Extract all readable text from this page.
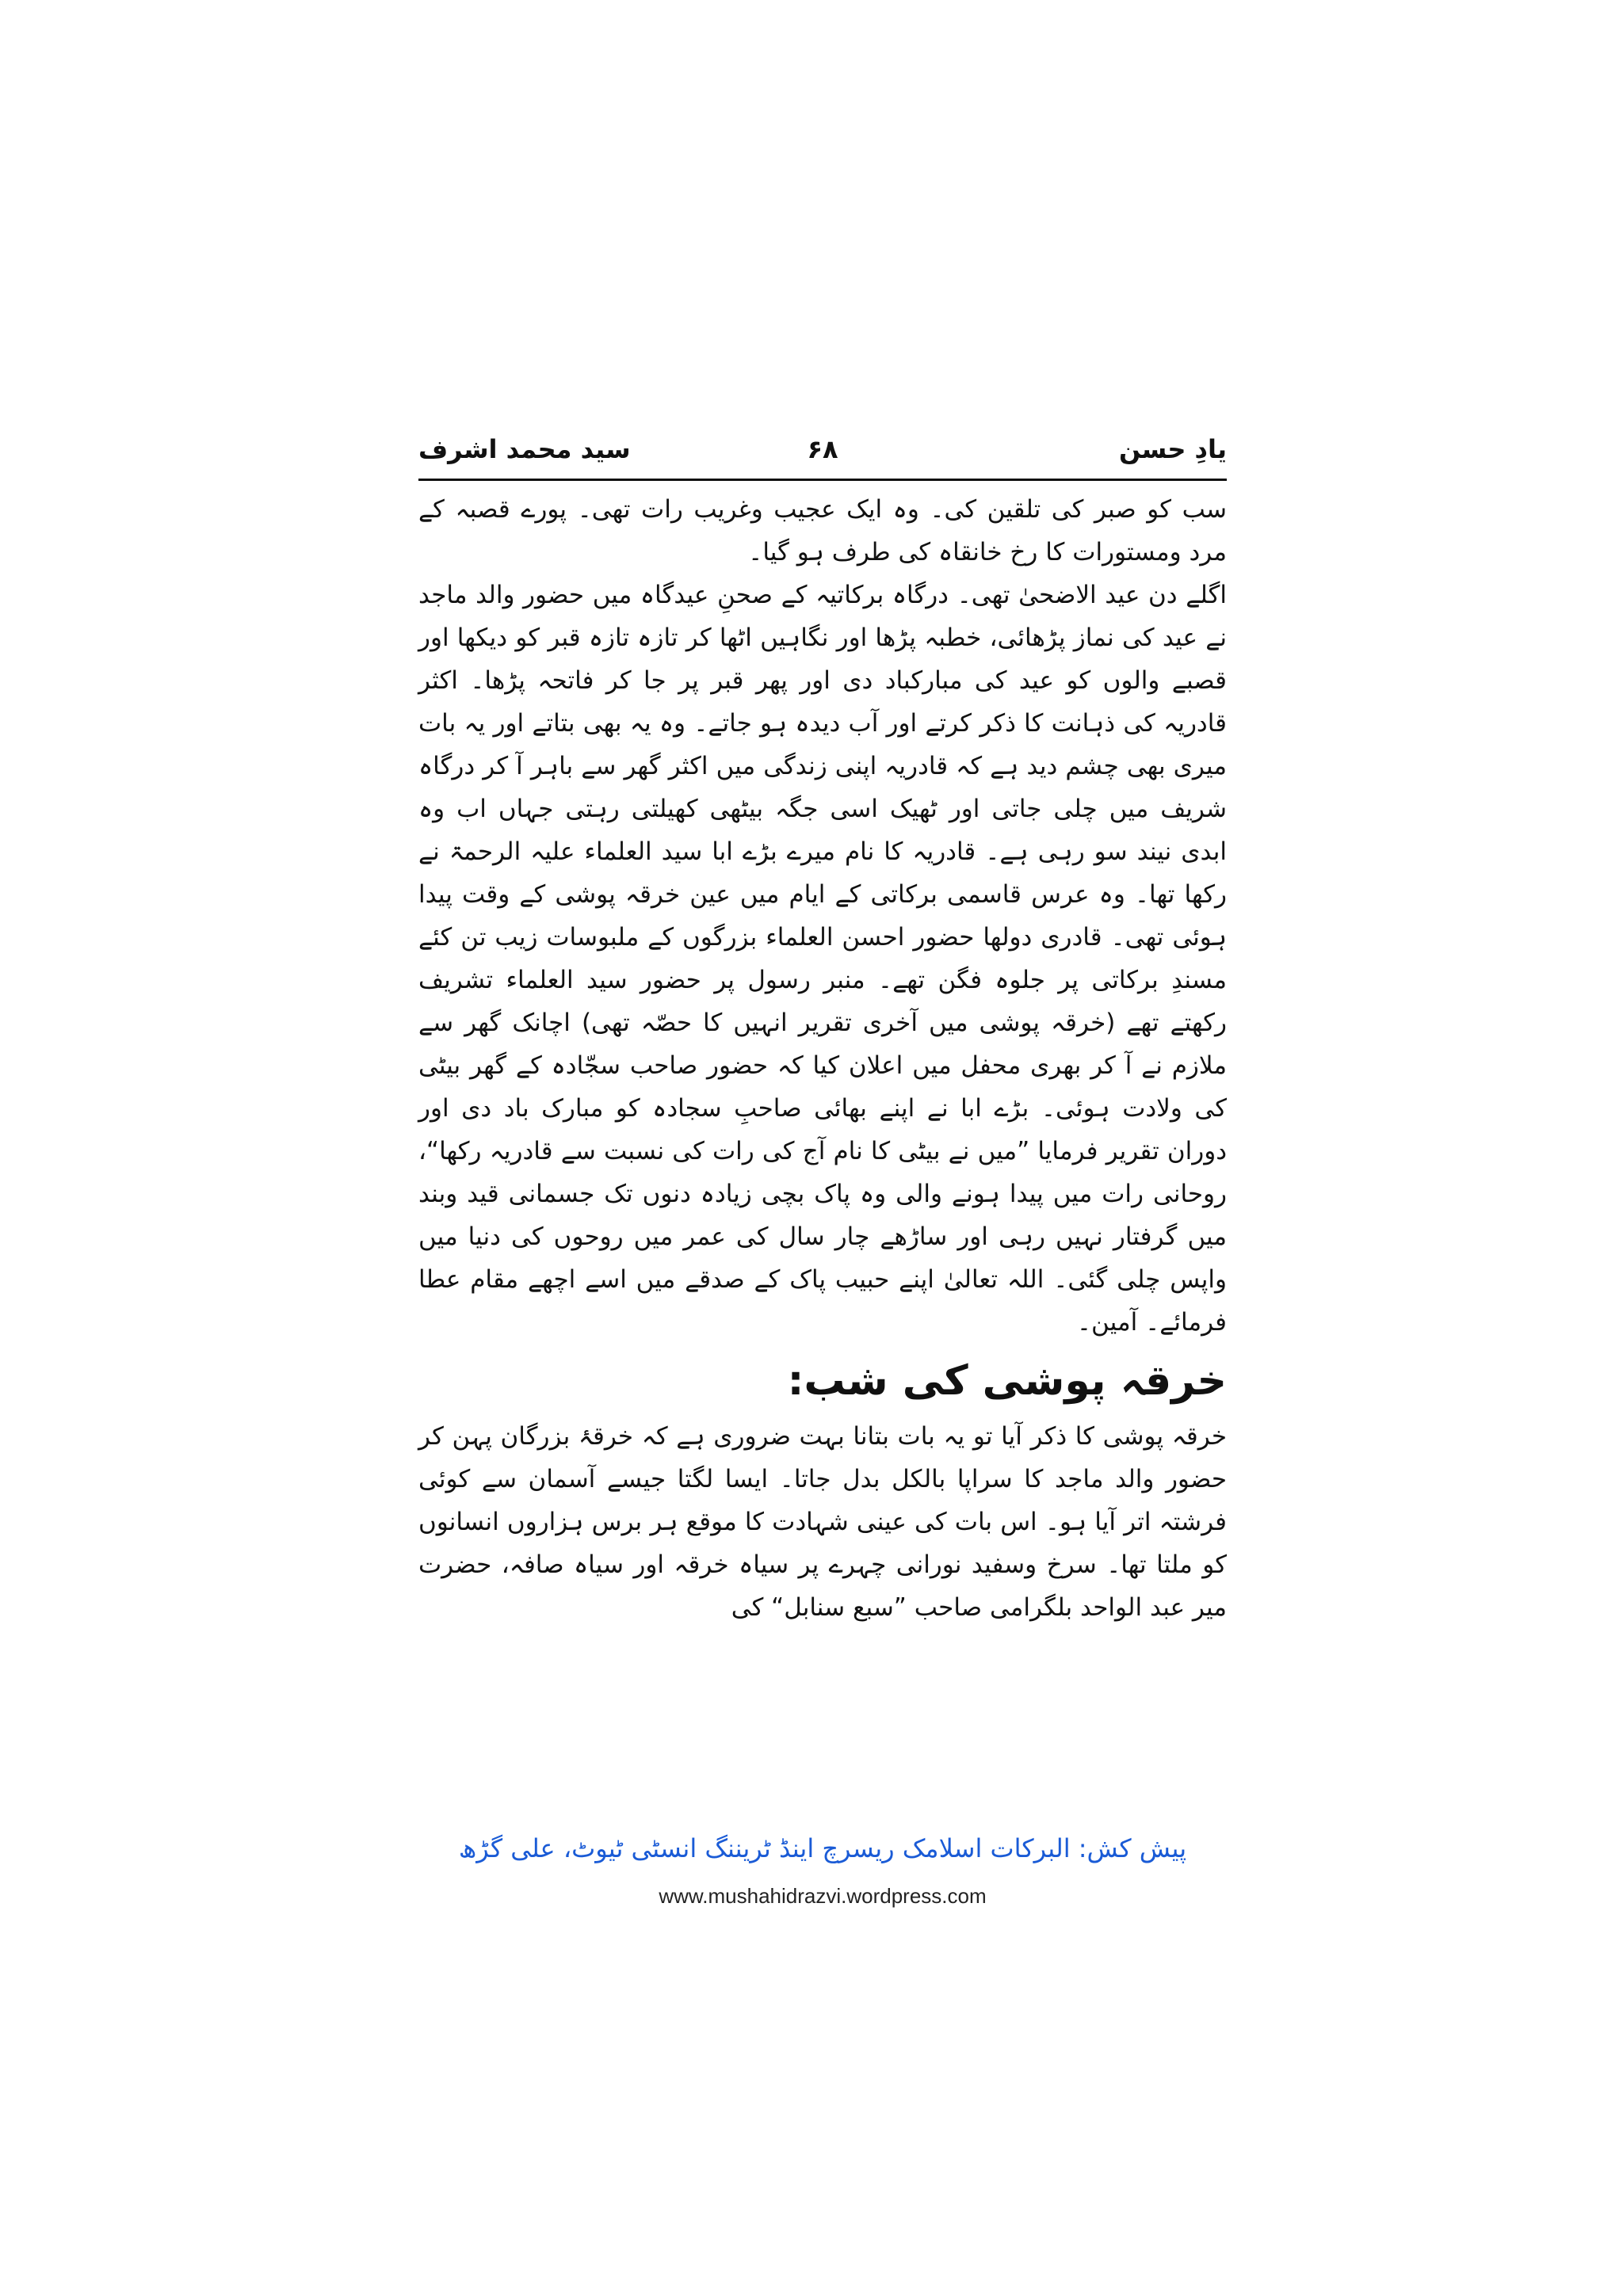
یادِ حسن
۶۸
سید محمد اشرف

سب کو صبر کی تلقین کی۔ وہ ایک عجیب وغریب رات تھی۔ پورے قصبہ کے مرد ومستورات کا رخ خانقاہ کی طرف ہو گیا۔

اگلے دن عید الاضحیٰ تھی۔ درگاہ برکاتیہ کے صحنِ عیدگاہ میں حضور والد ماجد نے عید کی نماز پڑھائی، خطبہ پڑھا اور نگاہیں اٹھا کر تازہ تازہ قبر کو دیکھا اور قصبے والوں کو عید کی مبارکباد دی اور پھر قبر پر جا کر فاتحہ پڑھا۔ اکثر قادریہ کی ذہانت کا ذکر کرتے اور آب دیدہ ہو جاتے۔ وہ یہ بھی بتاتے اور یہ بات میری بھی چشم دید ہے کہ قادریہ اپنی زندگی میں اکثر گھر سے باہر آ کر درگاہ شریف میں چلی جاتی اور ٹھیک اسی جگہ بیٹھی کھیلتی رہتی جہاں اب وہ ابدی نیند سو رہی ہے۔ قادریہ کا نام میرے بڑے ابا سید العلماء علیہ الرحمۃ نے رکھا تھا۔ وہ عرس قاسمی برکاتی کے ایام میں عین خرقہ پوشی کے وقت پیدا ہوئی تھی۔ قادری دولھا حضور احسن العلماء بزرگوں کے ملبوسات زیب تن کئے مسندِ برکاتی پر جلوہ فگن تھے۔ منبر رسول پر حضور سید العلماء تشریف رکھتے تھے (خرقہ پوشی میں آخری تقریر انہیں کا حصّہ تھی) اچانک گھر سے ملازم نے آ کر بھری محفل میں اعلان کیا کہ حضور صاحب سجّادہ کے گھر بیٹی کی ولادت ہوئی۔ بڑے ابا نے اپنے بھائی صاحبِ سجادہ کو مبارک باد دی اور دوران تقریر فرمایا ”میں نے بیٹی کا نام آج کی رات کی نسبت سے قادریہ رکھا“، روحانی رات میں پیدا ہونے والی وہ پاک بچی زیادہ دنوں تک جسمانی قید وبند میں گرفتار نہیں رہی اور ساڑھے چار سال کی عمر میں روحوں کی دنیا میں واپس چلی گئی۔ اللہ تعالیٰ اپنے حبیب پاک کے صدقے میں اسے اچھے مقام عطا فرمائے۔ آمین۔

خرقہ پوشی کی شب:

خرقہ پوشی کا ذکر آیا تو یہ بات بتانا بہت ضروری ہے کہ خرقۂ بزرگان پہن کر حضور والد ماجد کا سراپا بالکل بدل جاتا۔ ایسا لگتا جیسے آسمان سے کوئی فرشتہ اتر آیا ہو۔ اس بات کی عینی شہادت کا موقع ہر برس ہزاروں انسانوں کو ملتا تھا۔ سرخ وسفید نورانی چہرے پر سیاہ خرقہ اور سیاہ صافہ، حضرت میر عبد الواحد بلگرامی صاحب ”سبع سنابل“ کی

پیش کش: البرکات اسلامک ریسرچ اینڈ ٹریننگ انسٹی ٹیوٹ، علی گڑھ
www.mushahidrazvi.wordpress.com
